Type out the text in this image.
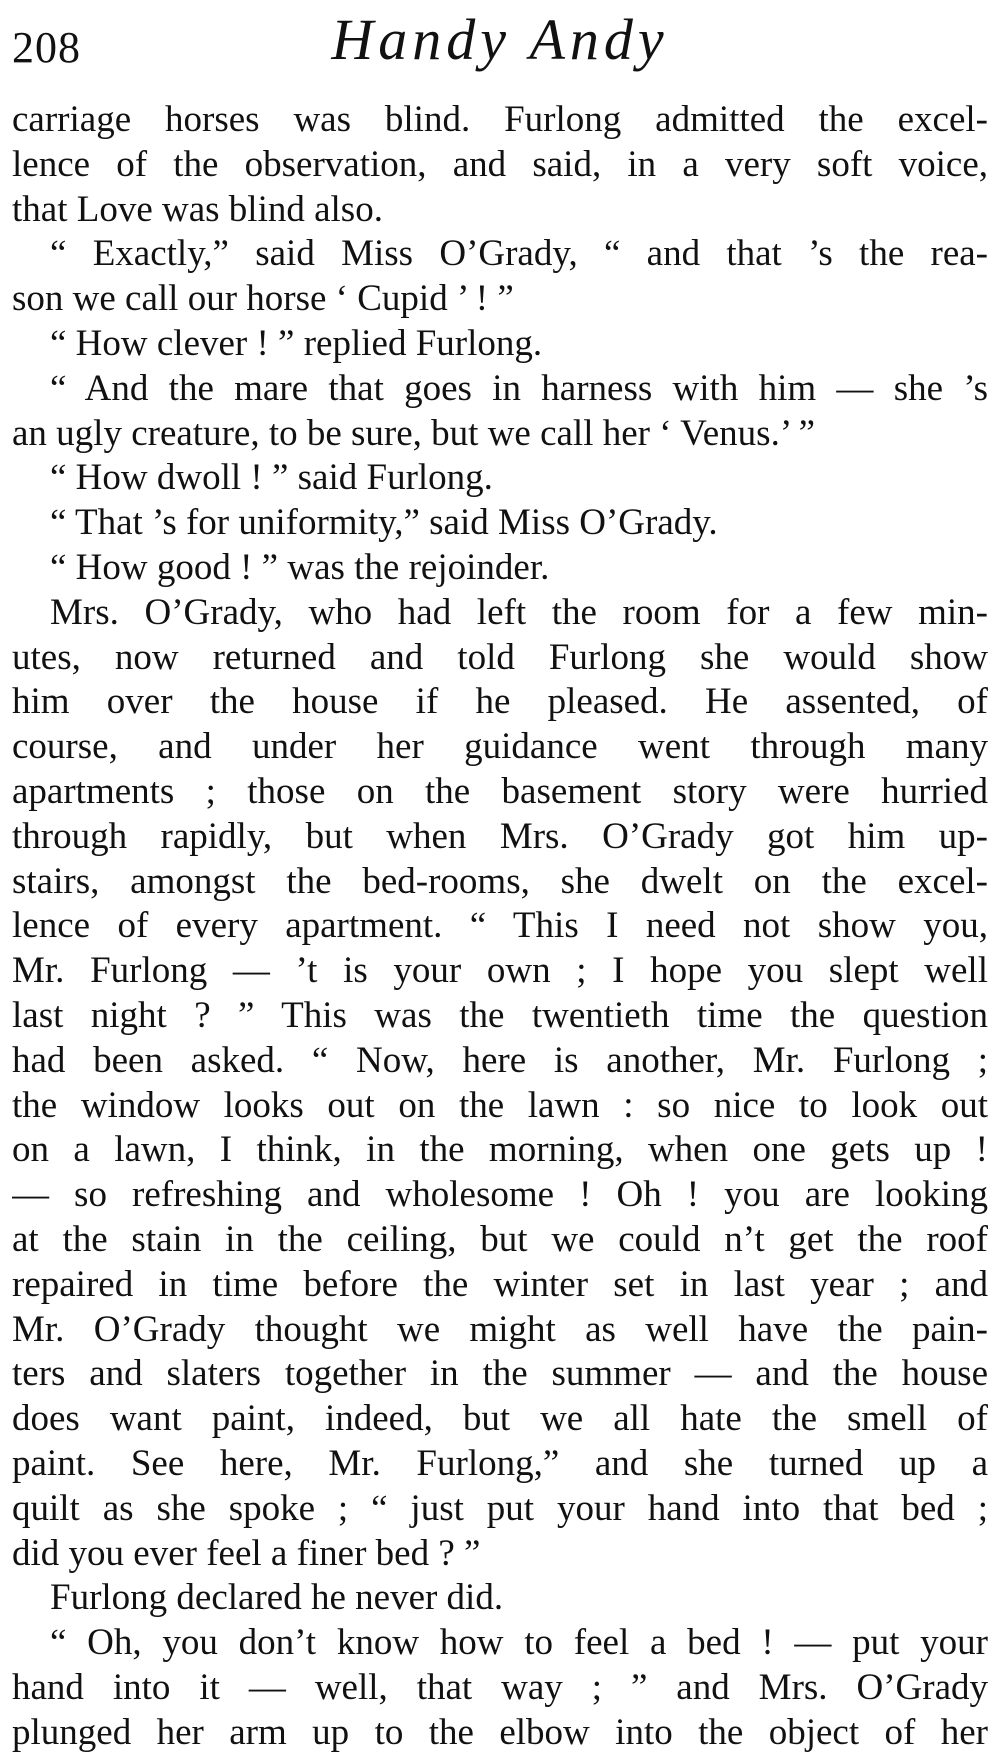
208	Handy Andy
carriage horses was blind. Furlong admitted the excel-
lence of the observation, and said, in a very soft voice,
that Love was blind also.
“ Exactly,” said Miss O’Grady, “ and that ’s the rea-
son we call our horse ‘ Cupid ’ ! ”
“ How clever ! ” replied Furlong.
“ And the mare that goes in harness with him — she ’s
an ugly creature, to be sure, but we call her ‘ Venus.’ ”
“ How dwoll ! ” said Furlong.
“ That ’s for uniformity,” said Miss O’Grady.
“ How good ! ” was the rejoinder.
Mrs. O’Grady, who had left the room for a few min-
utes, now returned and told Furlong she would show
him over the house if he pleased. He assented, of
course, and under her guidance went through many
apartments ; those on the basement story were hurried
through rapidly, but when Mrs. O’Grady got him up-
stairs, amongst the bed-rooms, she dwelt on the excel-
lence of every apartment. “ This I need not show you,
Mr. Furlong — ’t is your own ; I hope you slept well
last night ? ” This was the twentieth time the question
had been asked. “ Now, here is another, Mr. Furlong ;
the window looks out on the lawn : so nice to look out
on a lawn, I think, in the morning, when one gets up !
— so refreshing and wholesome ! Oh ! you are looking
at the stain in the ceiling, but we could n’t get the roof
repaired in time before the winter set in last year ; and
Mr. O’Grady thought we might as well have the pain-
ters and slaters together in the summer — and the house
does want paint, indeed, but we all hate the smell of
paint. See here, Mr. Furlong,” and she turned up a
quilt as she spoke ; “ just put your hand into that bed ;
did you ever feel a finer bed ? ”
Furlong declared he never did.
“ Oh, you don’t know how to feel a bed ! — put your
hand into it — well, that way ; ” and Mrs. O’Grady
plunged her arm up to the elbow into the object of her
